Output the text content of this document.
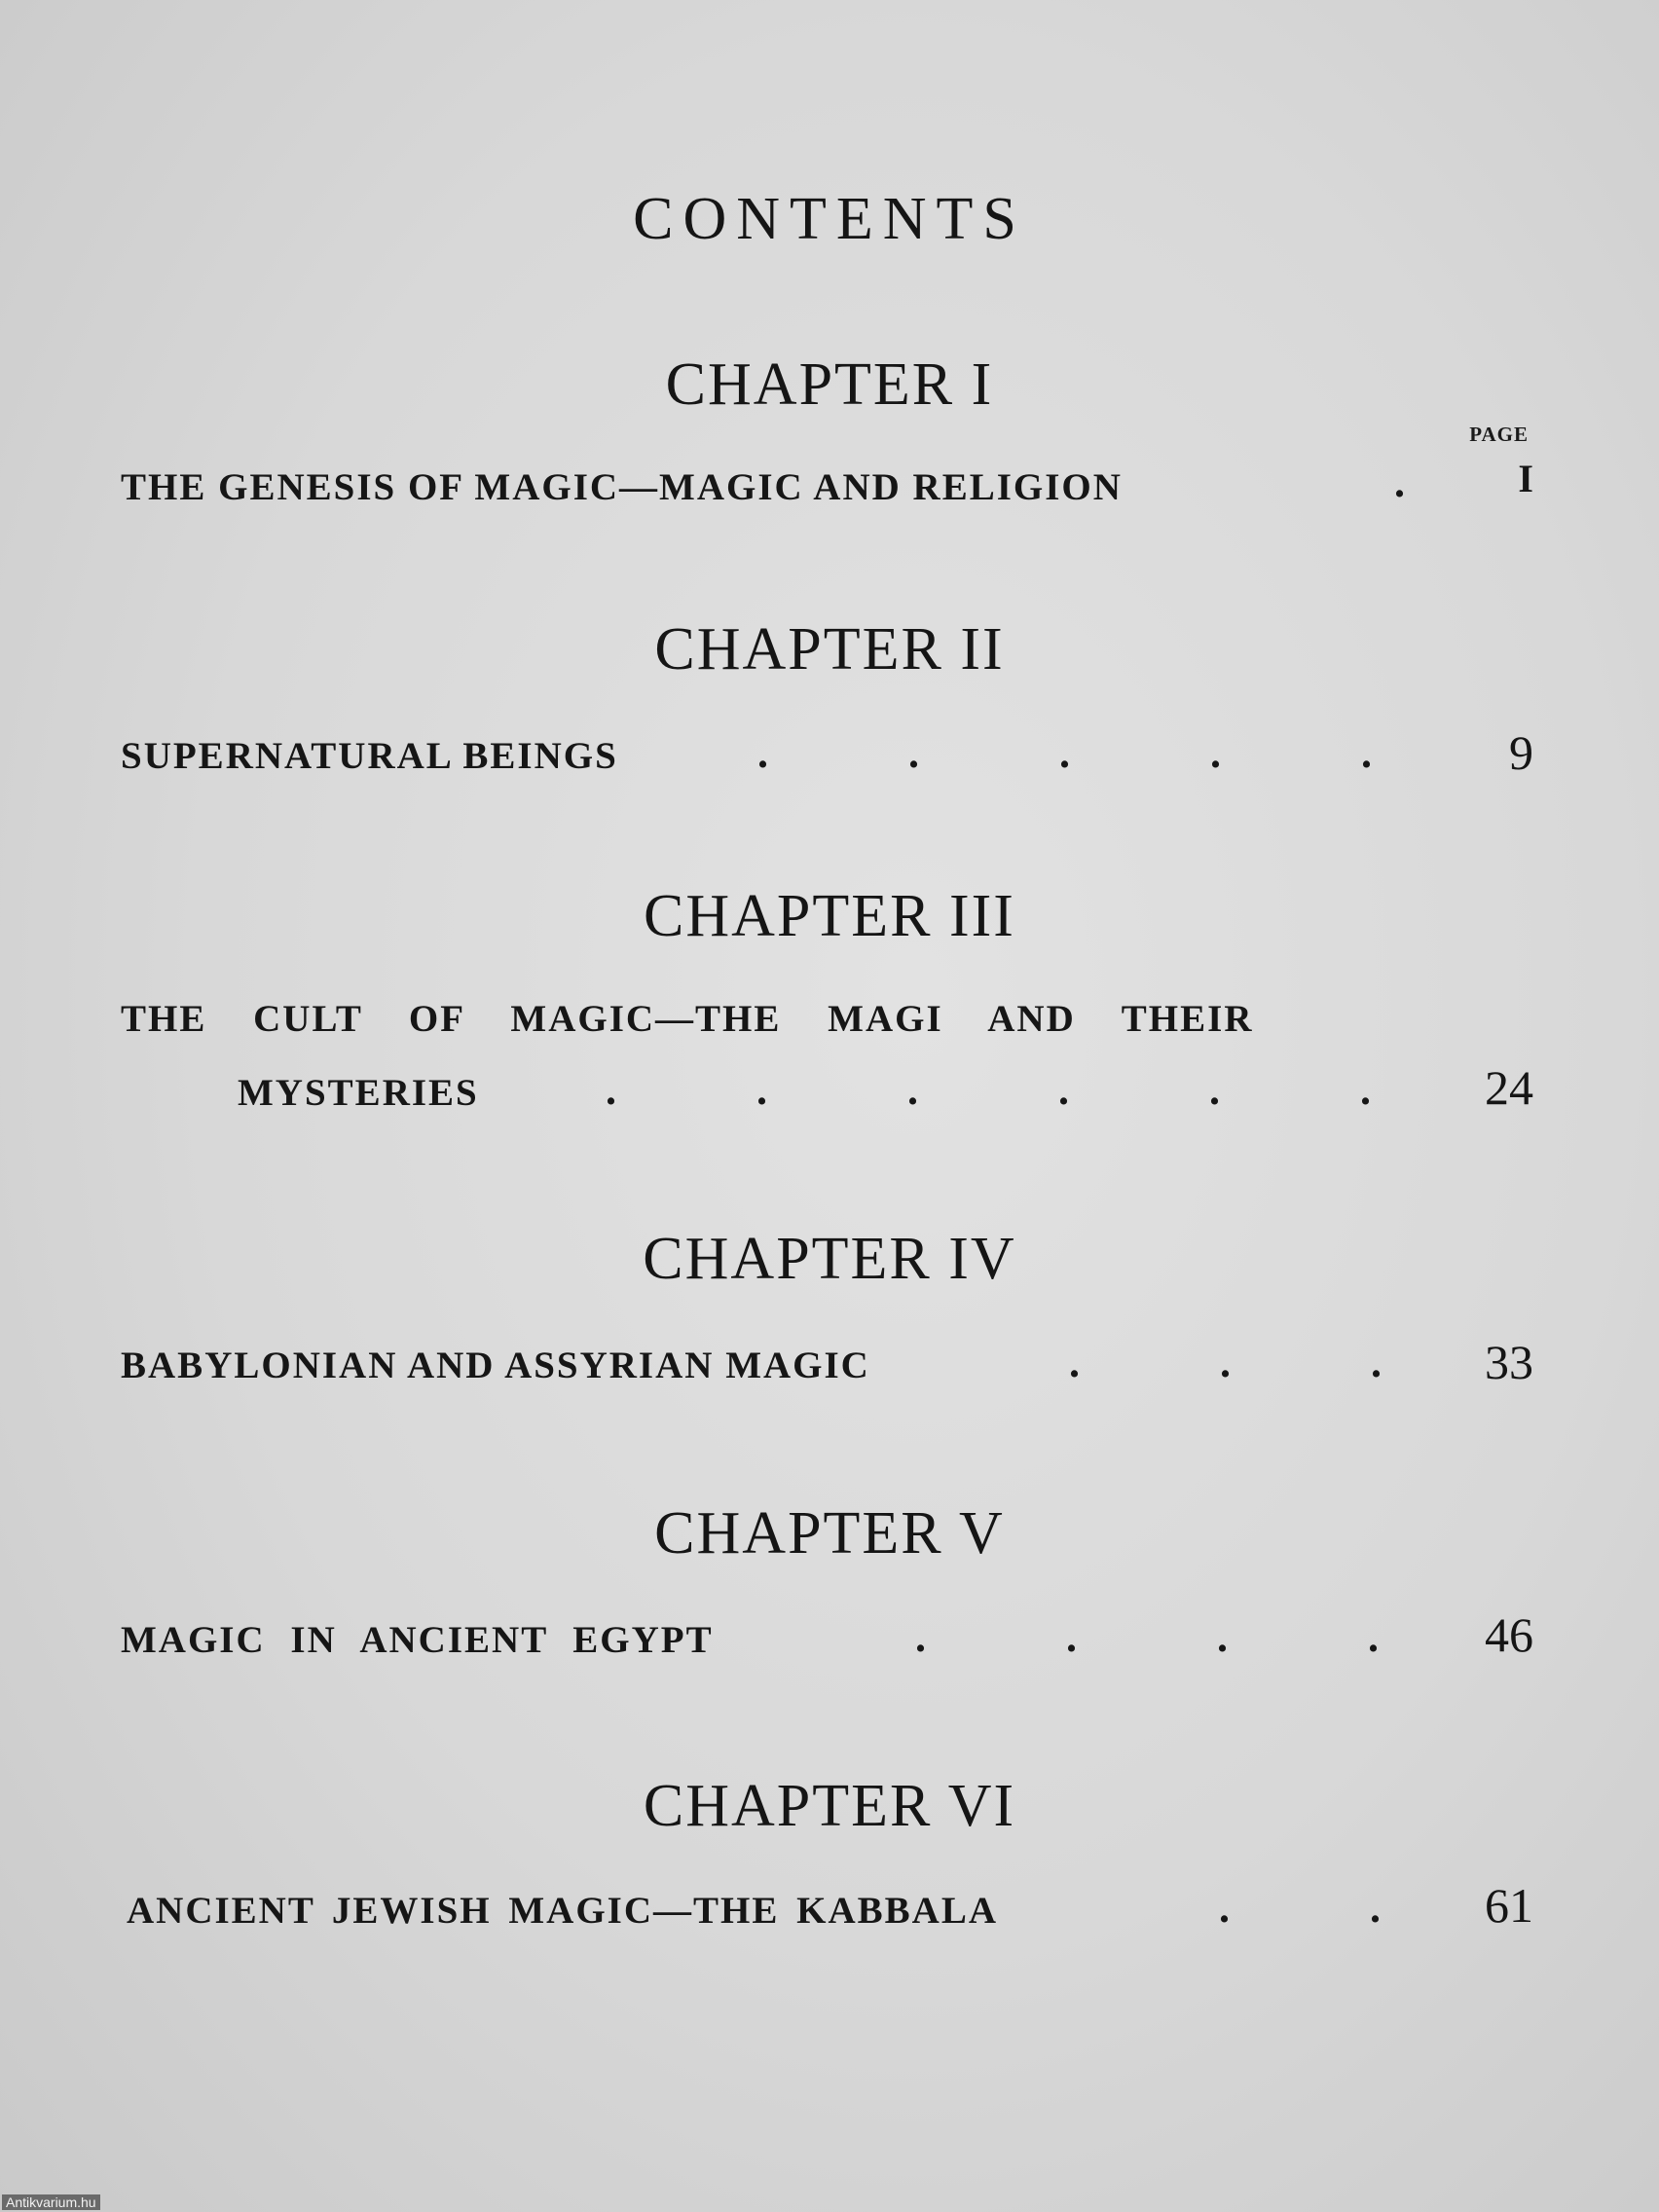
CONTENTS
CHAPTER I
PAGE
THE GENESIS OF MAGIC—MAGIC AND RELIGION	.	I
CHAPTER II
SUPERNATURAL BEINGS	.	.	.	.	.	9
CHAPTER III
THE CULT OF MAGIC—THE MAGI AND THEIR
MYSTERIES	.	.	.	.	.	.	24
CHAPTER IV
BABYLONIAN AND ASSYRIAN MAGIC	.	.	.	33
CHAPTER V
MAGIC IN ANCIENT EGYPT	.	.	.	.	46
CHAPTER VI
ANCIENT JEWISH MAGIC—THE KABBALA	.	.	61
Antikvarium.hu
